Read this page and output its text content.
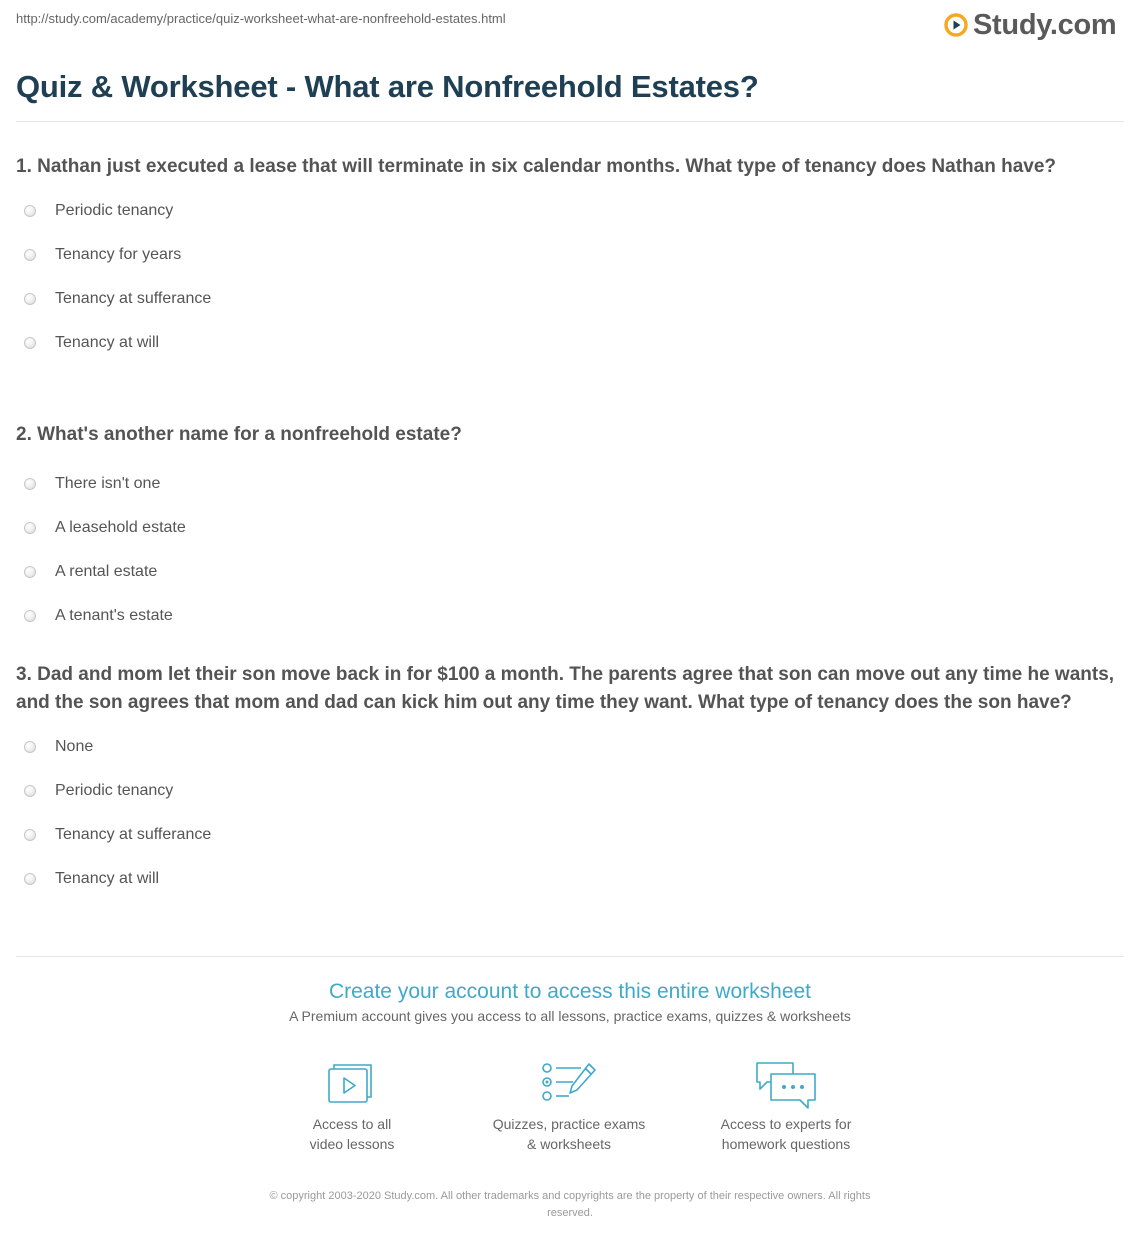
http://study.com/academy/practice/quiz-worksheet-what-are-nonfreehold-estates.html	Study.com
Quiz & Worksheet - What are Nonfreehold Estates?

1. Nathan just executed a lease that will terminate in six calendar months. What type of tenancy does Nathan have?

Periodic tenancy
Tenancy for years
Tenancy at sufferance
Tenancy at will

2. What's another name for a nonfreehold estate?

There isn't one
A leasehold estate
A rental estate
A tenant's estate

3. Dad and mom let their son move back in for $100 a month. The parents agree that son can move out any time he wants, and the son agrees that mom and dad can kick him out any time they want. What type of tenancy does the son have?

None
Periodic tenancy
Tenancy at sufferance
Tenancy at will
Create your account to access this entire worksheet
A Premium account gives you access to all lessons, practice exams, quizzes & worksheets
Access to all
video lessons
Quizzes, practice exams
& worksheets
Access to experts for
homework questions
© copyright 2003-2020 Study.com. All other trademarks and copyrights are the property of their respective owners. All rights
reserved.
